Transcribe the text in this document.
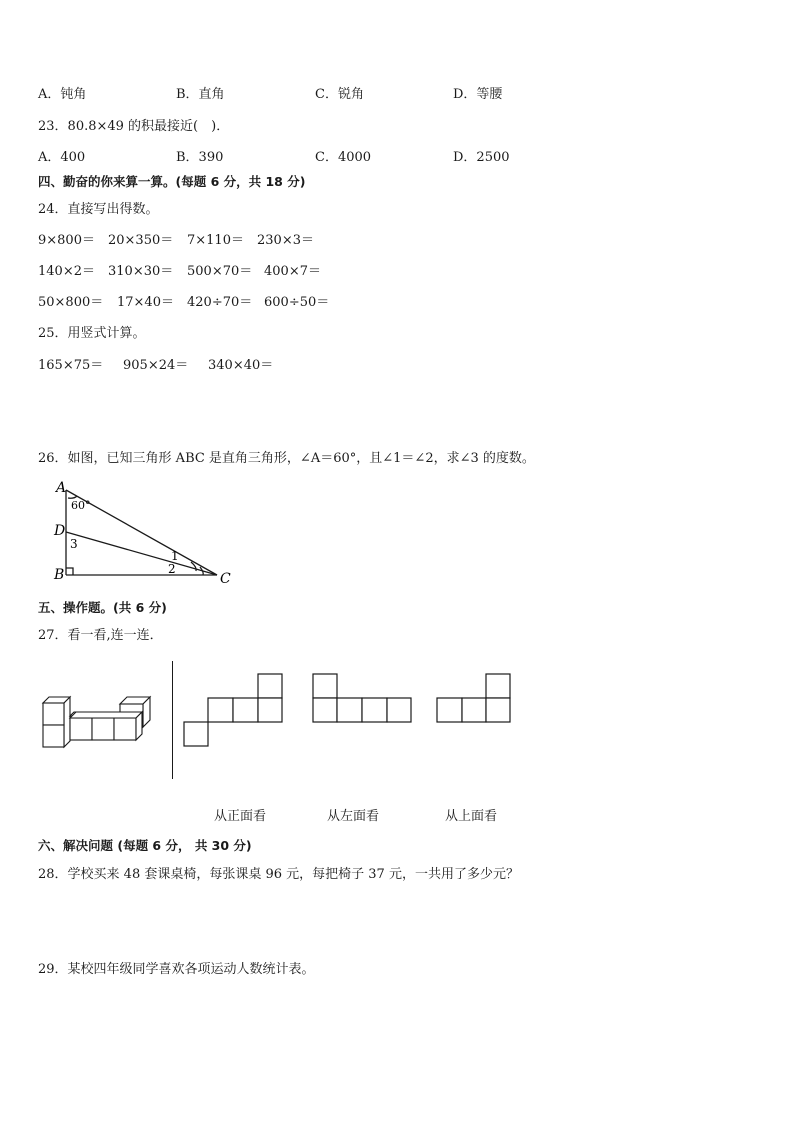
A．钝角	B．直角	C．锐角	D．等腰
23．80.8×49 的积最接近(　)．
A．400	B．390	C．4000	D．2500
四、勤奋的你来算一算。(每题 6 分，共 18 分)
24．直接写出得数。
9×800＝ 20×350＝ 7×110＝ 230×3＝
140×2＝ 310×30＝ 500×70＝ 400×7＝
50×800＝ 17×40＝ 420÷70＝ 600÷50＝
25．用竖式计算。
165×75＝ 905×24＝ 340×40＝
26．如图，已知三角形 ABC 是直角三角形，∠A＝60°，且∠1＝∠2，求∠3 的度数。
A
60°
D
3
B	2
1
C
五、操作题。(共 6 分)
27．看一看,连一连．
从正面看	从左面看	从上面看
六、解决问题 (每题 6 分， 共 30 分)
28．学校买来 48 套课桌椅，每张课桌 96 元，每把椅子 37 元，一共用了多少元？
29．某校四年级同学喜欢各项运动人数统计表。
